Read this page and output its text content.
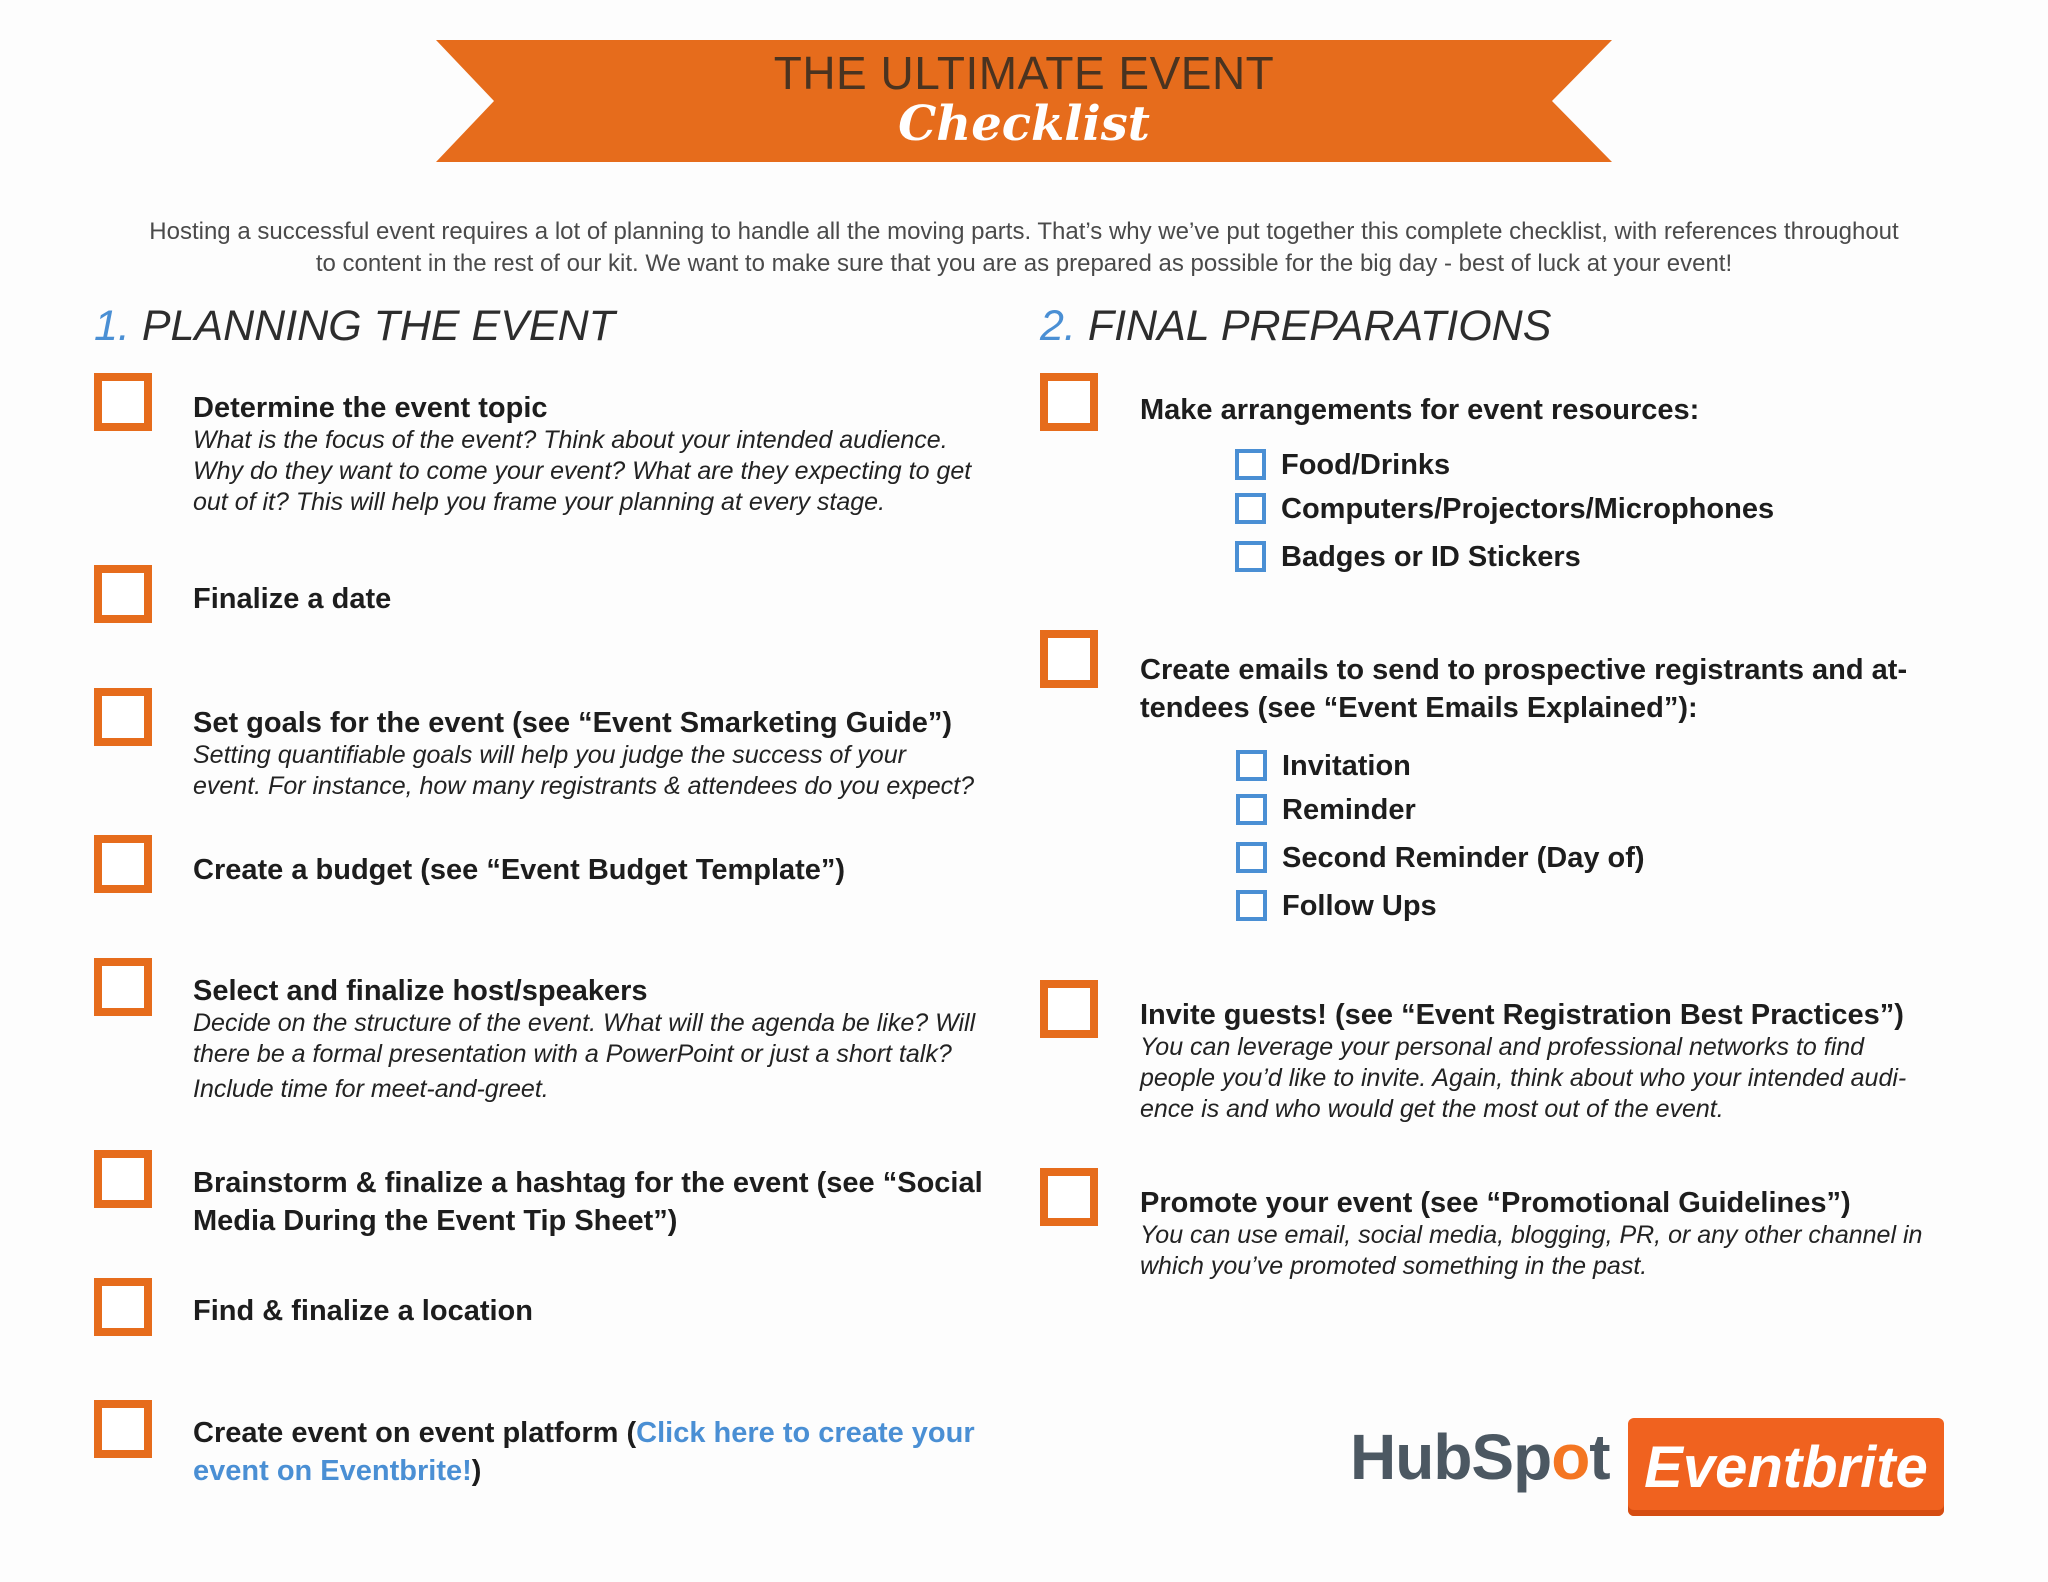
THE ULTIMATE EVENT
Checklist
Hosting a successful event requires a lot of planning to handle all the moving parts. That’s why we’ve put together this complete checklist, with references throughout
to content in the rest of our kit. We want to make sure that you are as prepared as possible for the big day - best of luck at your event!
1. PLANNING THE EVENT
Determine the event topic
What is the focus of the event? Think about your intended audience.
Why do they want to come your event? What are they expecting to get
out of it? This will help you frame your planning at every stage.
Finalize a date
Set goals for the event (see “Event Smarketing Guide”)
Setting quantifiable goals will help you judge the success of your
event. For instance, how many registrants & attendees do you expect?
Create a budget (see “Event Budget Template”)
Select and finalize host/speakers
Decide on the structure of the event. What will the agenda be like? Will
there be a formal presentation with a PowerPoint or just a short talk?
Include time for meet-and-greet.
Brainstorm & finalize a hashtag for the event (see “Social
Media During the Event Tip Sheet”)
Find & finalize a location
Create event on event platform (Click here to create your
event on Eventbrite!)
2. FINAL PREPARATIONS
Make arrangements for event resources:
Food/Drinks
Computers/Projectors/Microphones
Badges or ID Stickers
Create emails to send to prospective registrants and at-
tendees (see “Event Emails Explained”):
Invitation
Reminder
Second Reminder (Day of)
Follow Ups
Invite guests! (see “Event Registration Best Practices”)
You can leverage your personal and professional networks to find
people you’d like to invite. Again, think about who your intended audi-
ence is and who would get the most out of the event.
Promote your event (see “Promotional Guidelines”)
You can use email, social media, blogging, PR, or any other channel in
which you’ve promoted something in the past.
HubSpot Eventbrite
